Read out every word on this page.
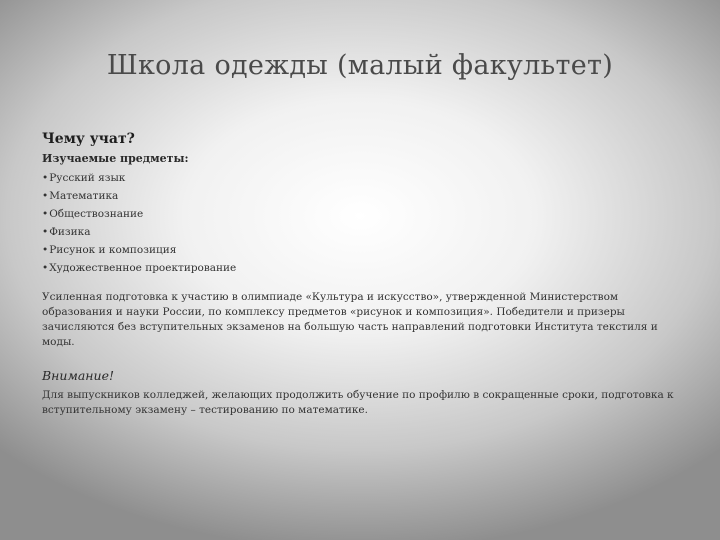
Школа одежды (малый факультет)
Чему учат?
Изучаемые предметы:
• Русский язык
• Математика
• Обществознание
• Физика
• Рисунок и композиция
• Художественное проектирование
Усиленная подготовка к участию в олимпиаде «Культура и искусство», утвержденной Министерством образования и науки России, по комплексу предметов «рисунок и композиция». Победители и призеры зачисляются без вступительных экзаменов на большую часть направлений подготовки Института текстиля и моды.
Внимание!
Для выпускников колледжей, желающих продолжить обучение по профилю в сокращенные сроки, подготовка к вступительному экзамену – тестированию по математике.
